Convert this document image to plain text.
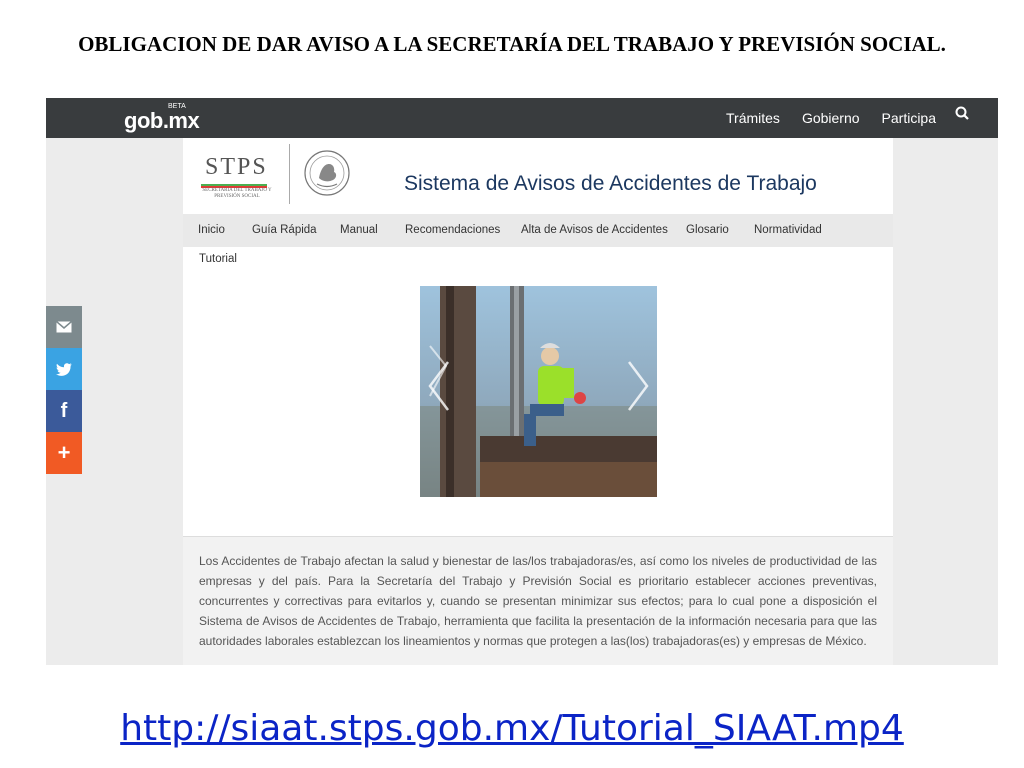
OBLIGACION DE DAR AVISO A LA SECRETARÍA DEL TRABAJO Y PREVISIÓN SOCIAL.
gob.mx
BETA
Trámites Gobierno Participa
f
+
STPS
SECRETARÍA DEL TRABAJO Y PREVISIÓN SOCIAL
Sistema de Avisos de Accidentes de Trabajo
Inicio Guía Rápida Manual Recomendaciones Alta de Avisos de Accidentes Glosario Normatividad
Tutorial

Los Accidentes de Trabajo afectan la salud y bienestar de las/los trabajadoras/es, así como los niveles de productividad de las empresas y del país. Para la Secretaría del Trabajo y Previsión Social es prioritario establecer acciones preventivas, concurrentes y correctivas para evitarlos y, cuando se presentan minimizar sus efectos; para lo cual pone a disposición el Sistema de Avisos de Accidentes de Trabajo, herramienta que facilita la presentación de la información necesaria para que las autoridades laborales establezcan los lineamientos y normas que protegen a las(los) trabajadoras(es) y empresas de México.

http://siaat.stps.gob.mx/Tutorial_SIAAT.mp4
